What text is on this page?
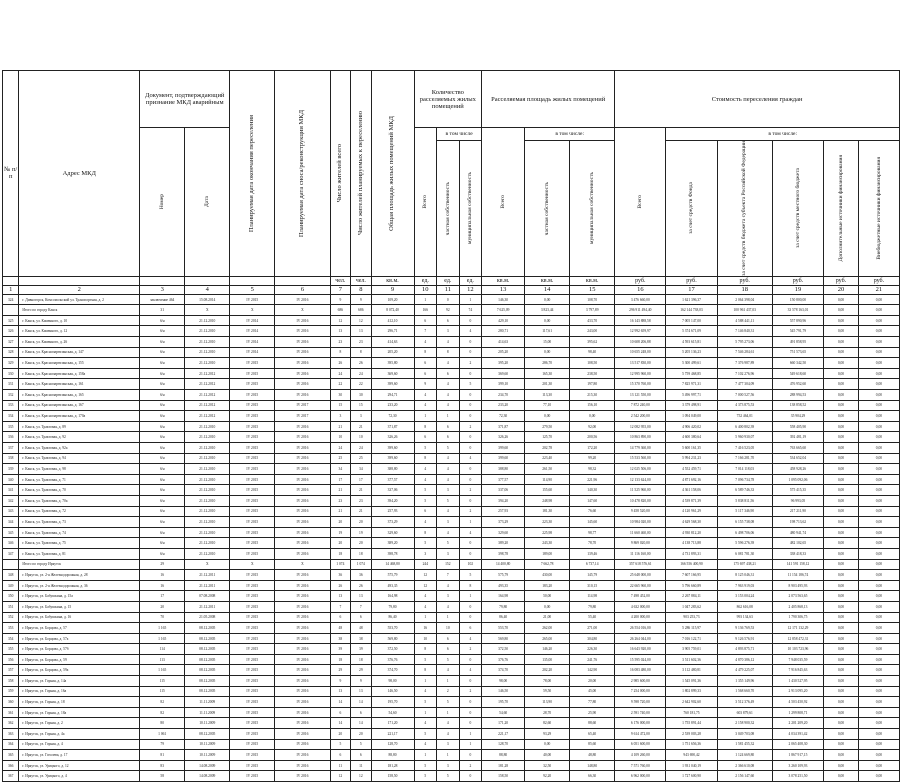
№ п/п	Адрес МКД	Документ, подтверждающий признание МКД аварийным		Планируемая дата окончания переселения	Планируемая дата сноса/реконструкции МКД	Число жителей всего	Число жителей планируемых к переселению	Общая площадь жилых помещений МКД	Количество расселяемых жилых помещений			Расселяемая площадь жилых помещений			Стоимость переселения граждан					

		Номер	Дата						Всего	в том числе		Всего	в том числе:		Всего	в том числе:				

										частная собственность	муниципальная собственность		частная собственность	муниципальная собственность		за счет средств Фонда	за счет средств бюджета субъекта Российской Федерации	за счет средств местного бюджета	Дополнительные источники финансирования	Внебюджетные источники финансирования

						чел.	чел.	кв.м.	ед.	ед.	ед.	кв.м.	кв.м.	кв.м.	руб.	руб.	руб.	руб.	руб.	руб.
1	2	3	4	5	6	7	8	9	10	11	12	13	14	15	16	17	18	19	20	21
324	г. Дивногорск, Комсомольский ул. Транспортная, д. 2	заключение 464	15.08.2014	IV 2015	IV 2016	9	9	109,20	1	0	1	146,30	0,00	108,70	3 476 660,00	1 621 396,37	2 064 398,04	150 800,00	0,00	0,00
	Итого по городу Канск	31	X	X	X	686	686	8 072,40	166	92	74	7 625,09	3 823,44	3 797,89	296 911 494,40	162 144 738,03	100 961 437,03	33 578 163,01	0,00	0,00
325	г. Канск, ул. Каменного, д. 10	б/н	21.12.2010	IV 2014	IV 2016	12	12	412,10	6	6	0	429,10	0,00	433,70	16 143 888,58	7 005 147,00	4 588 441,11	557 890,96	0,00	0,00
326	г. Канск, ул. Каменного, д. 12	б/н	21.12.2010	IV 2014	IV 2016	13	13	296,71	7	3	4	280,71	117,61	243,00	12 992 659,97	5 374 671,09	7 146 840,31	545 791,79	0,00	0,00
327	г. Канск, ул. Каменного, д. 26	б/н	21.12.2010	IV 2014	IV 2016	23	23	414,63	4	4	0	414,63	15,00	395,62	10 608 206,88	4 593 615,81	5 795 273,06	491 858,95	0,00	0,00
328	г. Канск, ул. Краснопартизанская, д. 147	б/н	21.12.2010	IV 2014	IV 2016	8	8	205,20	8	8	0	205,20	0,00	98,40	10 655 248,00	5 205 136,23	7 546 284,61	751 573,65	0,00	0,00
329	г. Канск, ул. Краснопартизанская, д. 155	б/н	21.12.2010	IV 2015	IV 2016	26	26	395,80	6	4	2	395,20	286,70	108,50	13 517 830,00	5 300 499,61	7 376 987,89	660 342,50	0,00	0,00
330	г. Канск, ул. Краснопартизанская, д. 158а	б/н	21.12.2012	IV 2015	IV 2016	24	24	369,60	6	6	0	369,60	165,30	238,50	12 995 960,00	5 759 468,85	7 102 276,96	549 618,60	0,00	0,00
331	г. Канск, ул. Краснопартизанская, д. 161	б/н	21.12.2012	IV 2015	IV 2016	22	22	399,60	9	4	5	399,10	201,30	197,80	15 370 760,00	7 825 971,31	7 477 304,09	476 952,60	0,00	0,00
332	г. Канск, ул. Краснопартизанская, д. 165	б/н	21.12.2012	IV 2015	IV 2016	30	30	294,71	4	4	0	234,70	113,30	215,30	13 121 550,00	5 496 997,71	7 000 527,56	288 994,53	0,00	0,00
333	г. Канск, ул. Краснопартизанская, д. 167	б/н	21.12.2012	IV 2015	IV 2017	15	15	233,20	4	4	0	233,20	77,10	156,10	7 872 240,00	3 379 498,91	4 373 875,53	138 858,52	0,00	0,00
334	г. Канск, ул. Краснопартизанская, д. 170а	б/н	21.12.2012	IV 2015	IV 2017	3	3	72,30	1	1	0	72,30	0,00	0,00	2 542 200,00	1 094 049,00	752 464,01	35 904,29	0,00	0,00
335	г. Канск, ул. Трактовая, д. 89	б/н	21.12.2010	IV 2015	IV 2016	21	21	371,87	8	6	2	371,87	279,50	92,00	12 082 955,00	4 906 420,02	6 400 802,39	558 405,90	0,00	0,00
336	г. Канск, ул. Трактовая, д. 92	б/н	21.12.2010	IV 2015	IV 2016	10	10	326,26	6	6	0	326,26	125,70	200,56	10 863 890,00	4 600 380,64	5 960 930,07	392 481,19	0,00	0,00
337	г. Канск, ул. Трактовая, д. 92а	б/н	21.12.2010	IV 2015	IV 2016	24	24	399,60	5	5	0	399,60	202,78	172,20	14 779 360,00	5 600 161,35	7 416 523,05	763 665,60	0,00	0,00
338	г. Канск, ул. Трактовая, д. 94	б/н	21.12.2010	IV 2015	IV 2016	25	25	399,60	8	4	4	399,60	223,40	99,20	15 533 560,00	5 994 231,23	7 166 281,70	534 652,04	0,00	0,00
339	г. Канск, ул. Трактовая, д. 98	б/н	21.12.2010	IV 2015	IV 2016	34	34	388,80	4	4	0	388,80	261,50	98,32	12 025 506,00	4 552 459,71	7 014 118,03	458 928,26	0,00	0,00
340	г. Канск, ул. Трактовая, д. 71	б/н	21.12.2010	IV 2015	IV 2016	17	17	377,57	4	4	0	377,57	114,90	221,96	12 133 624,00	4 871 692,16	7 096 734,78	1 095 092,06	0,00	0,00
341	г. Канск, ул. Трактовая, д. 70	б/н	21.12.2010	IV 2015	IV 2016	21	21	337,06	5	3	2	337,06	155,60	140,30	11 525 960,00	4 361 158,06	6 589 746,33	575 415,35	0,00	0,00
342	г. Канск, ул. Трактовая, д. 70а	б/н	21.12.2010	IV 2015	IV 2016	23	23	394,20	5	5	0	394,20	248,98	147,60	10 478 820,00	4 539 871,39	5 838 811,56	96 993,05	0,00	0,00
343	г. Канск, ул. Трактовая, д. 72	б/н	21.12.2010	IV 2015	IV 2016	21	21	257,93	6	4	2	257,93	181,30	76,60	9 458 520,00	4 120 961,29	5 117 346,90	217 211,90	0,00	0,00
344	г. Канск, ул. Трактовая, д. 73	б/н	21.12.2010	IV 2015	IV 2016	20	20	373,29	4	3	1	373,29	223,30	145,60	10 984 020,00	4 629 568,30	6 155 738,08	198 713,62	0,00	0,00
345	г. Канск, ул. Трактовая, д. 74	б/н	21.12.2010	IV 2015	IV 2016	19	19	329,60	8	4	4	329,60	225,98	98,77	11 660 460,00	4 930 812,20	6 498 706,06	480 941,74	0,00	0,00
346	г. Канск, ул. Трактовая, д. 75	б/н	21.12.2010	IV 2015	IV 2016	20	20	389,20	5	5	0	389,20	243,30	78,70	9 869 020,00	4 138 713,88	5 596 276,39	482 102,65	0,00	0,00
347	г. Канск, ул. Трактовая, д. 81	б/н	21.12.2010	IV 2015	IV 2016	18	18	398,78	3	3	0	398,78	189,00	139,46	11 116 160,00	4 731 893,31	6 081 781,30	338 418,33	0,00	0,00
	Итого по городу Иркутск	29	X	X	X	1 074	1 074	14 468,80	244	152	102	14 400,80	7 662,78	6 737,14	357 618 576,61	166 556 400,90	175 697 438,21	141 591 158,12	0,00	0,00
348	г. Иркутск, ул. 2-я Железнодорожная, д. 28	16	21.12.2011	IV 2015	IV 2016	36	36	575,79	12	7	5	575,79	430,00	145,79	25 648 000,00	7 607 166,95	8 125 046,31	11 154 186,74	0,00	0,00
349	г. Иркутск, ул. 2-я Железнодорожная, д. 36	16	21.12.2011	IV 2015	IV 2016	26	26	493,35	12	4	8	493,35	183,20	310,15	22 665 960,00	5 796 660,89	7 963 919,03	8 903 495,93	0,00	0,00
350	г. Иркутск, ул. Бабушкина, д. 15а	17	07.08.2008	IV 2015	IV 2016	13	13	164,98	4	3	1	164,98	50,00	114,98	7 498 452,00	2 267 884,11	3 153 004,24	2 073 563,65	0,00	0,00
351	г. Иркутск, ул. Бабушкина, д. 15	20	21.12.2011	IV 2015	IV 2016	7	7	79,80	4	4	0	79,80	0,00	79,80	4 632 000,00	1 047 283,62	862 616,08	2 405 868,13	0,00	0,00
352	г. Иркутск, ул. Бабушкина, д. 16	70	21.05.2008	IV 2015	IV 2016	6	6	86,40	1	1	0	86,40	21,00	55,40	4 200 000,00	903 253,73	993 134,63	1 790 306,75	0,00	0,00
353	г. Иркутск, ул. Борцова, д. 57	1 165	08.12.2005	IV 2015	IV 2016	48	48	553,70	16	10	6	553,70	262,00	271,00	26 554 016,00	5 286 115,97	9 136 769,53	12 171 132,29	0,00	0,00
354	г. Иркутск, ул. Борцова, д. 57а	1 165	08.12.2005	IV 2015	IV 2016	38	38	569,80	10	6	4	569,80	265,00	304,80	26 264 044,00	7 016 122,71	9 126 576,91	12 858 472,31	0,00	0,00
355	г. Иркутск, ул. Борцова, д. 57б	114	08.12.2005	IV 2015	IV 2016	39	39	372,50	8	6	2	372,50	146,20	226,30	16 643 920,00	3 905 759,01	4 893 875,71	10 103 723,96	0,00	0,00
356	г. Иркутск, ул. Борцова, д. 59	113	08.12.2005	IV 2015	IV 2016	18	18	376,76	5	5	0	376,76	135,00	241,76	15 595 024,00	3 511 602,36	4 870 386,12	7 948 035,59	0,00	0,00
357	г. Иркутск, ул. Борцова, д. 59а	1 165	08.12.2005	IV 2015	IV 2016	29	29	374,70	8	4	4	374,70	202,20	142,90	16 083 480,00	3 112 480,81	4 479 225,07	7 916 845,63	0,00	0,00
358	г. Иркутск, ул. Горная, д. 14а	115	08.12.2005	IV 2015	IV 2016	9	9	98,00	1	1	0	98,00	78,00	20,00	2 985 600,00	1 545 091,36	1 355 149,96	1 430 527,95	0,00	0,00
359	г. Иркутск, ул. Горная, д. 16а	115	08.12.2005	IV 2015	IV 2016	13	13	146,50	4	2	2	146,50	59,50	45,00	7 254 000,00	1 802 899,33	1 568 660,70	2 913 095,20	0,00	0,00
360	г. Иркутск, ул. Горная, д. 18	82	11.11.2009	IV 2015	IV 2016	14	14	195,70	5	5	0	195,70	113,90	77,80	9 598 720,00	2 642 902,60	3 512 376,49	4 503 450,92	0,00	0,00
361	г. Иркутск, ул. Горная, д. 18а	82	11.11.2009	IV 2015	IV 2016	6	6	54,60	1	1	0	54,60	28,70	25,90	2 591 740,00	760 181,75	603 879,61	1 299 808,71	0,00	0,00
362	г. Иркутск, ул. Горная, д. 2	80	10.11.2009	IV 2015	IV 2016	14	14	171,20	4	4	0	171,20	82,60	88,60	6 176 000,00	1 755 891,44	2 158 900,32	2 201 209,20	0,00	0,00
363	г. Иркутск, ул. Горная, д. 4а	1 061	08.12.2005	IV 2015	IV 2016	20	20	221,17	5	4	1	221,17	93,29	65,40	9 614 472,00	2 539 003,28	3 049 703,08	4 034 391,42	0,00	0,00
364	г. Иркутск, ул. Горная, д. 4	79	10.11.2009	IV 2015	IV 2016	5	5	128,70	4	3	1	128,70	0,00	85,60	6 051 600,00	1 751 656,36	1 581 455,32	2 065 408,30	0,00	0,00
365	г. Иркутск, ул. Гоголева, д. 17	81	10.11.2009	IV 2015	IV 2016	6	6	88,80	1	1	0	88,80	40,00	48,80	4 109 260,00	943 690,42	1 124 669,80	1 867 917,15	0,00	0,00
366	г. Иркутск, ул. Урицкого, д. 12	83	14.08.2009	IV 2015	IV 2016	11	11	181,28	5	3	2	181,28	32,50	148,80	7 571 760,00	1 931 040,19	2 366 610,08	3 260 109,93	0,00	0,00
367	г. Иркутск, ул. Урицкого, д. 4	58	14.08.2009	IV 2015	IV 2016	12	12	158,50	5	5	0	158,50	92,20	66,30	6 962 000,00	1 727 600,90	2 156 147,60	3 078 251,50	0,00	0,00
